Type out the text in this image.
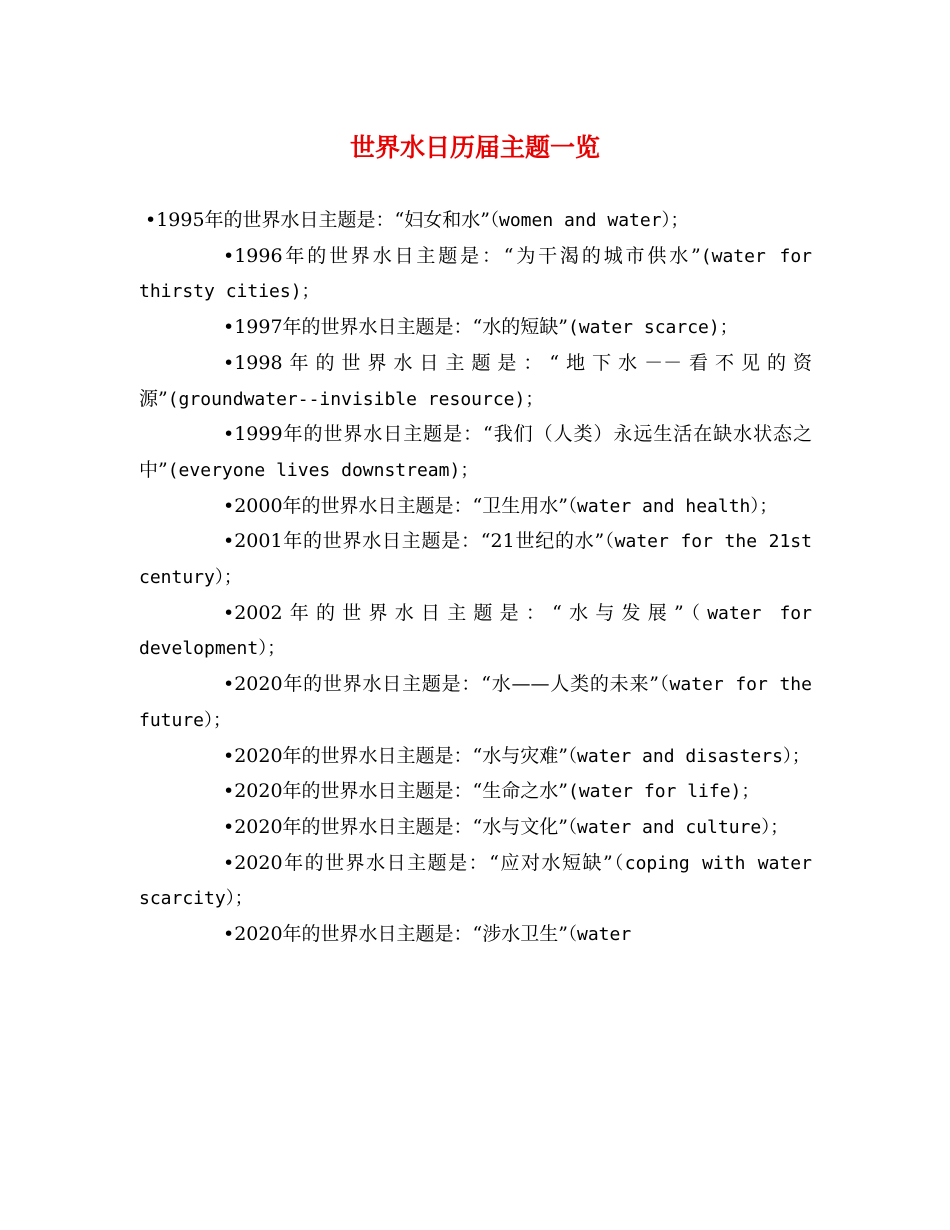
世界水日历届主题一览

•1995年的世界水日主题是：“妇女和水”（women and water）；

•1996年的世界水日主题是：“为干渴的城市供水”(water for thirsty cities)；

•1997年的世界水日主题是：“水的短缺”(water scarce)；

•1998年的世界水日主题是：“地下水－－看不见的资源”(groundwater--invisible resource)；

•1999年的世界水日主题是：“我们（人类）永远生活在缺水状态之中”(everyone lives downstream)；

•2000年的世界水日主题是：“卫生用水”（water and health）；

•2001年的世界水日主题是：“21世纪的水”（water for the 21st century）；

•2002年的世界水日主题是：“水与发展”（water for development）；

•2020年的世界水日主题是：“水——人类的未来”（water for the future）；

•2020年的世界水日主题是：“水与灾难”（water and disasters）；

•2020年的世界水日主题是：“生命之水”(water for life)；

•2020年的世界水日主题是：“水与文化”（water and culture）；

•2020年的世界水日主题是：“应对水短缺”（coping with water scarcity）；

•2020年的世界水日主题是：“涉水卫生”（water
